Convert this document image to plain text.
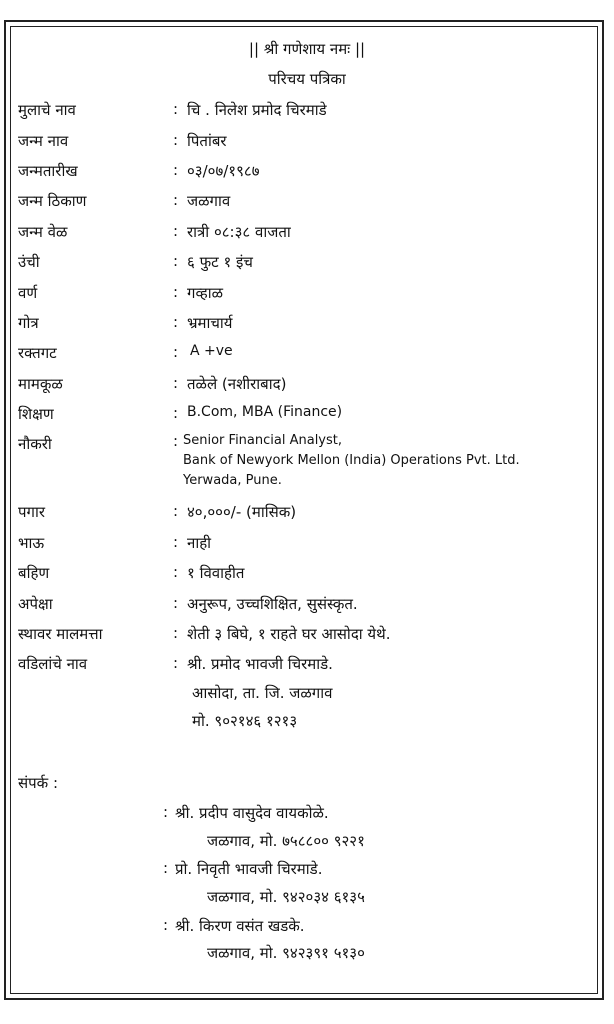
|| श्री गणेशाय नमः ||
परिचय पत्रिका
मुलाचे नाव	: चि . निलेश प्रमोद चिरमाडे
जन्म नाव	: पितांबर
जन्मतारीख	: ०३/०७/१९८७
जन्म ठिकाण	: जळगाव
जन्म वेळ	: रात्री ०८:३८ वाजता
उंची	: ६ फुट १ इंच
वर्ण	: गव्हाळ
गोत्र	: भ्रमाचार्य
रक्तगट	: A +ve
मामकूळ	: तळेले (नशीराबाद)
शिक्षण	: B.Com, MBA (Finance)
नौकरी	: Senior Financial Analyst,
Bank of Newyork Mellon (India) Operations Pvt. Ltd.
Yerwada, Pune.
पगार	: ४०,०००/- (मासिक)
भाऊ	: नाही
बहिण	: १ विवाहीत
अपेक्षा	: अनुरूप, उच्चशिक्षित, सुसंस्कृत.
स्थावर मालमत्ता	: शेती ३ बिघे, १ राहते घर आसोदा येथे.
वडिलांचे नाव	: श्री. प्रमोद भावजी चिरमाडे.
आसोदा, ता. जि. जळगाव
मो. ९०२१४६ १२१३
संपर्क :
: श्री. प्रदीप वासुदेव वायकोळे.
जळगाव, मो. ७५८८०० ९२२१
: प्रो. निवृती भावजी चिरमाडे.
जळगाव, मो. ९४२०३४ ६१३५
: श्री. किरण वसंत खडके.
जळगाव, मो. ९४२३९१ ५१३०
